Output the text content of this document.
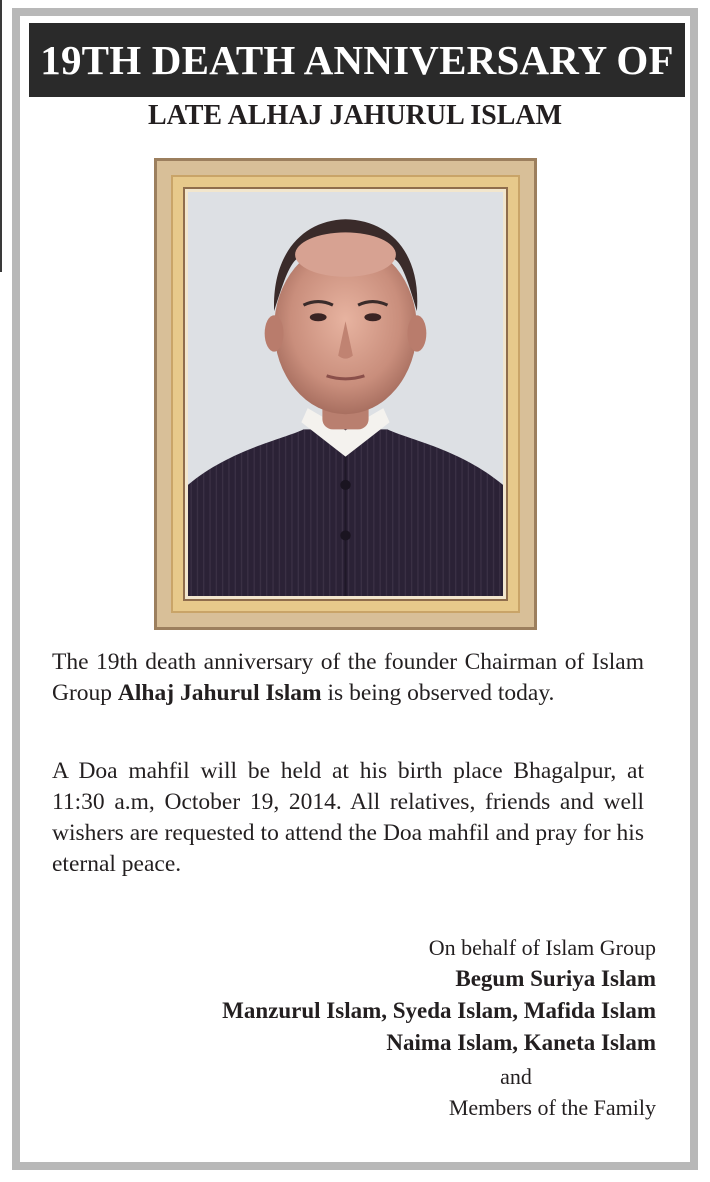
19TH DEATH ANNIVERSARY OF
LATE ALHAJ JAHURUL ISLAM
The 19th death anniversary of the founder Chairman of Islam Group Alhaj Jahurul Islam is being observed today.
A Doa mahfil will be held at his birth place Bhagalpur, at 11:30 a.m, October 19, 2014. All relatives, friends and well wishers are requested to attend the Doa mahfil and pray for his eternal peace.
On behalf of Islam Group
Begum Suriya Islam
Manzurul Islam, Syeda Islam, Mafida Islam
Naima Islam, Kaneta Islam
and
Members of the Family
